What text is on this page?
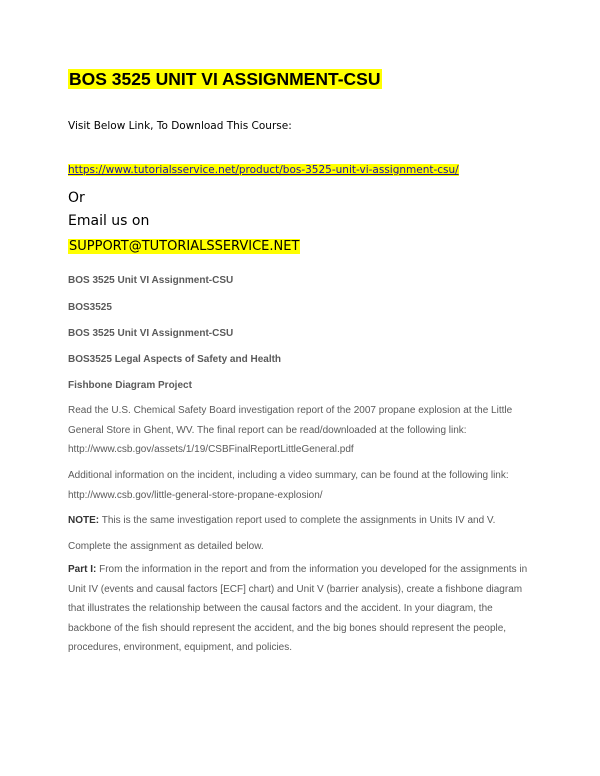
BOS 3525 UNIT VI ASSIGNMENT-CSU

Visit Below Link, To Download This Course:

https://www.tutorialsservice.net/product/bos-3525-unit-vi-assignment-csu/

Or

Email us on

SUPPORT@TUTORIALSSERVICE.NET

BOS 3525 Unit VI Assignment-CSU

BOS3525

BOS 3525 Unit VI Assignment-CSU

BOS3525 Legal Aspects of Safety and Health

Fishbone Diagram Project

Read the U.S. Chemical Safety Board investigation report of the 2007 propane explosion at the Little General Store in Ghent, WV. The final report can be read/downloaded at the following link: http://www.csb.gov/assets/1/19/CSBFinalReportLittleGeneral.pdf

Additional information on the incident, including a video summary, can be found at the following link: http://www.csb.gov/little-general-store-propane-explosion/

NOTE: This is the same investigation report used to complete the assignments in Units IV and V.

Complete the assignment as detailed below.

Part I: From the information in the report and from the information you developed for the assignments in Unit IV (events and causal factors [ECF] chart) and Unit V (barrier analysis), create a fishbone diagram that illustrates the relationship between the causal factors and the accident. In your diagram, the backbone of the fish should represent the accident, and the big bones should represent the people, procedures, environment, equipment, and policies.
